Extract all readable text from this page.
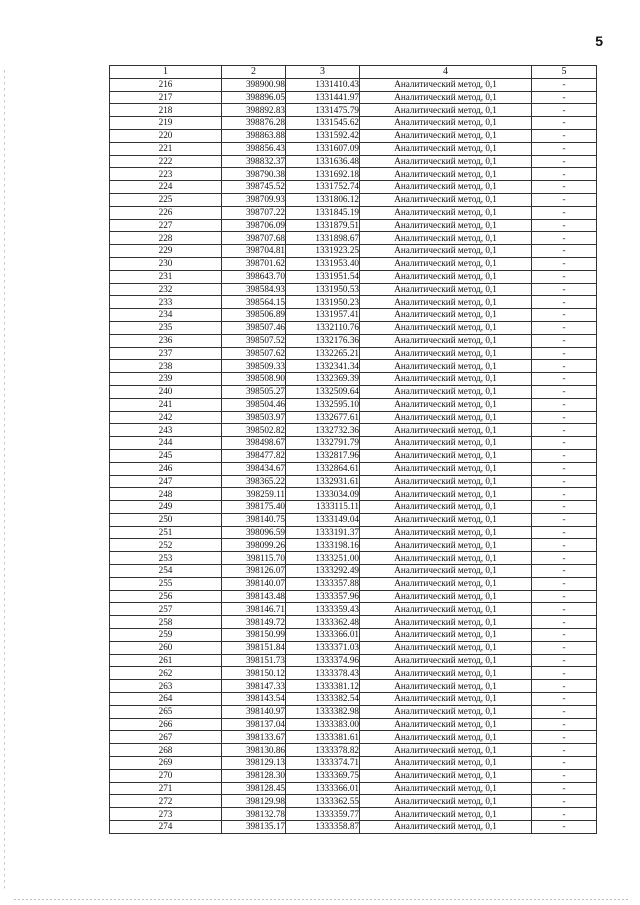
5
1	2	3	4	5
216	398900.98	1331410.43	Аналитический метод, 0,1	-
217	398896.05	1331441.97	Аналитический метод, 0,1	-
218	398892.83	1331475.79	Аналитический метод, 0,1	-
219	398876.28	1331545.62	Аналитический метод, 0,1	-
220	398863.88	1331592.42	Аналитический метод, 0,1	-
221	398856.43	1331607.09	Аналитический метод, 0,1	-
222	398832.37	1331636.48	Аналитический метод, 0,1	-
223	398790.38	1331692.18	Аналитический метод, 0,1	-
224	398745.52	1331752.74	Аналитический метод, 0,1	-
225	398709.93	1331806.12	Аналитический метод, 0,1	-
226	398707.22	1331845.19	Аналитический метод, 0,1	-
227	398706.09	1331879.51	Аналитический метод, 0,1	-
228	398707.68	1331898.67	Аналитический метод, 0,1	-
229	398704.81	1331923.25	Аналитический метод, 0,1	-
230	398701.62	1331953.40	Аналитический метод, 0,1	-
231	398643.70	1331951.54	Аналитический метод, 0,1	-
232	398584.93	1331950.53	Аналитический метод, 0,1	-
233	398564.15	1331950.23	Аналитический метод, 0,1	-
234	398506.89	1331957.41	Аналитический метод, 0,1	-
235	398507.46	1332110.76	Аналитический метод, 0,1	-
236	398507.52	1332176.36	Аналитический метод, 0,1	-
237	398507.62	1332265.21	Аналитический метод, 0,1	-
238	398509.33	1332341.34	Аналитический метод, 0,1	-
239	398508.90	1332369.39	Аналитический метод, 0,1	-
240	398505.27	1332509.64	Аналитический метод, 0,1	-
241	398504.46	1332595.10	Аналитический метод, 0,1	-
242	398503.97	1332677.61	Аналитический метод, 0,1	-
243	398502.82	1332732.36	Аналитический метод, 0,1	-
244	398498.67	1332791.79	Аналитический метод, 0,1	-
245	398477.82	1332817.96	Аналитический метод, 0,1	-
246	398434.67	1332864.61	Аналитический метод, 0,1	-
247	398365.22	1332931.61	Аналитический метод, 0,1	-
248	398259.11	1333034.09	Аналитический метод, 0,1	-
249	398175.40	1333115.11	Аналитический метод, 0,1	-
250	398140.75	1333149.04	Аналитический метод, 0,1	-
251	398096.59	1333191.37	Аналитический метод, 0,1	-
252	398099.26	1333198.16	Аналитический метод, 0,1	-
253	398115.70	1333251.00	Аналитический метод, 0,1	-
254	398126.07	1333292.49	Аналитический метод, 0,1	-
255	398140.07	1333357.88	Аналитический метод, 0,1	-
256	398143.48	1333357.96	Аналитический метод, 0,1	-
257	398146.71	1333359.43	Аналитический метод, 0,1	-
258	398149.72	1333362.48	Аналитический метод, 0,1	-
259	398150.99	1333366.01	Аналитический метод, 0,1	-
260	398151.84	1333371.03	Аналитический метод, 0,1	-
261	398151.73	1333374.96	Аналитический метод, 0,1	-
262	398150.12	1333378.43	Аналитический метод, 0,1	-
263	398147.33	1333381.12	Аналитический метод, 0,1	-
264	398143.54	1333382.54	Аналитический метод, 0,1	-
265	398140.97	1333382.98	Аналитический метод, 0,1	-
266	398137.04	1333383.00	Аналитический метод, 0,1	-
267	398133.67	1333381.61	Аналитический метод, 0,1	-
268	398130.86	1333378.82	Аналитический метод, 0,1	-
269	398129.13	1333374.71	Аналитический метод, 0,1	-
270	398128.30	1333369.75	Аналитический метод, 0,1	-
271	398128.45	1333366.01	Аналитический метод, 0,1	-
272	398129.98	1333362.55	Аналитический метод, 0,1	-
273	398132.78	1333359.77	Аналитический метод, 0,1	-
274	398135.17	1333358.87	Аналитический метод, 0,1	-
